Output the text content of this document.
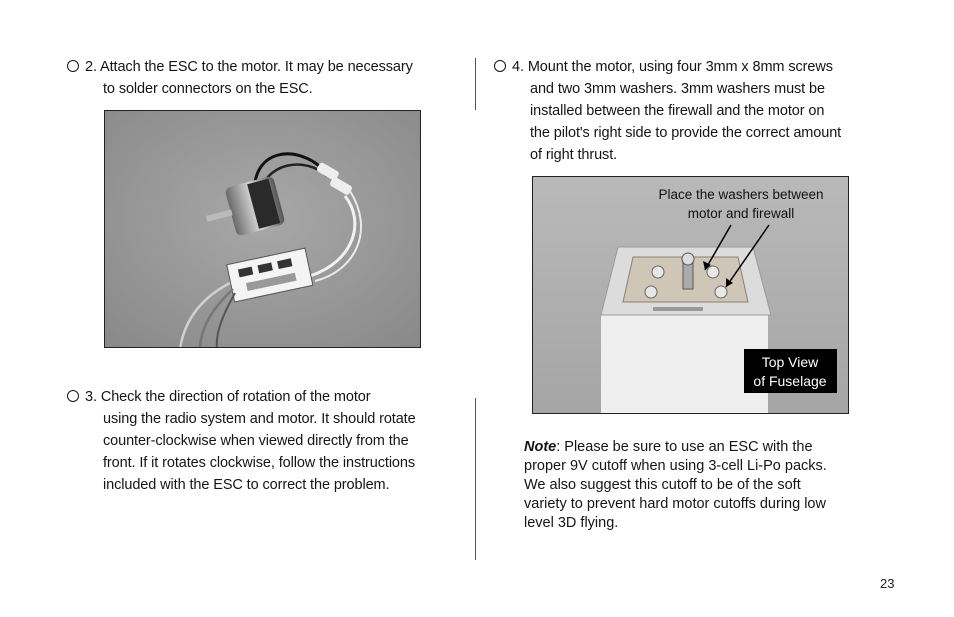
2. Attach the ESC to the motor. It may be necessary
to solder connectors on the ESC.
3. Check the direction of rotation of the motor
using the radio system and motor. It should rotate
counter-clockwise when viewed directly from the
front. If it rotates clockwise, follow the instructions
included with the ESC to correct the problem.
4. Mount the motor, using four 3mm x 8mm screws
and two 3mm washers. 3mm washers must be
installed between the firewall and the motor on
the pilot's right side to provide the correct amount
of right thrust.
Place the washers between
motor and firewall
Top View
of Fuselage
Note: Please be sure to use an ESC with the
proper 9V cutoff when using 3-cell Li-Po packs.
We also suggest this cutoff to be of the soft
variety to prevent hard motor cutoffs during low
level 3D flying.
23
